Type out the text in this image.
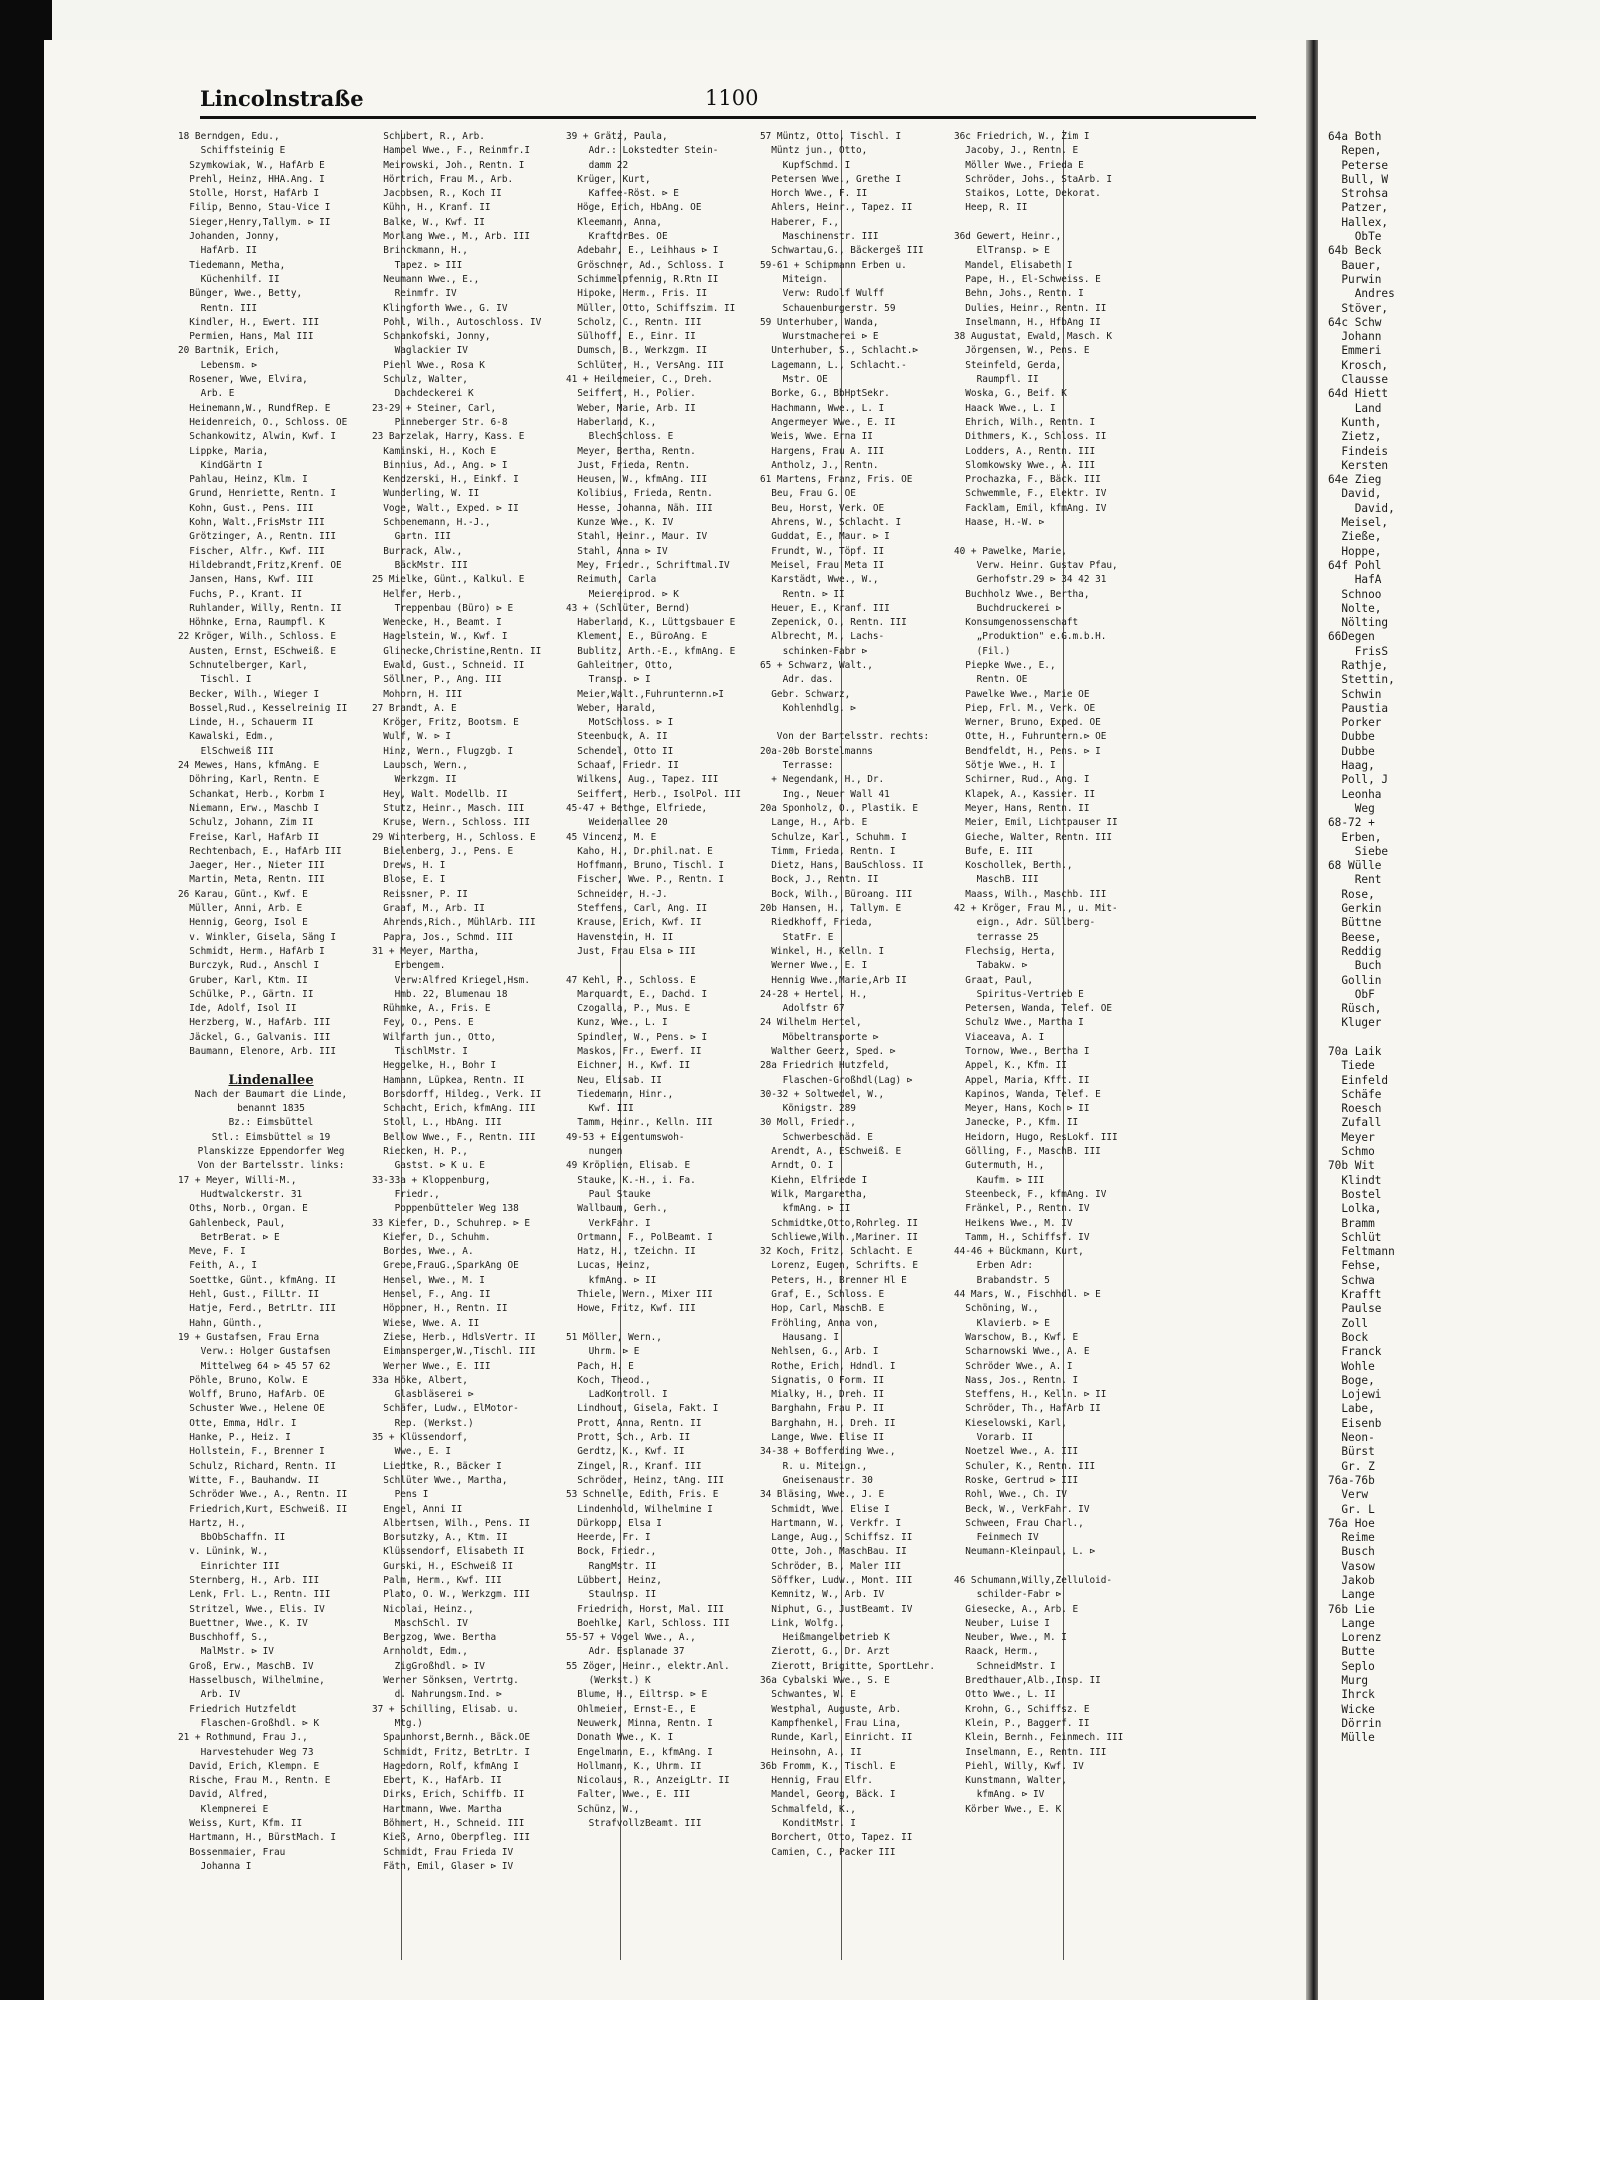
64a Both
Repen,
Peterse
Bull, W
Strohsa
Patzer,
Hallex,
ObTe
64b Beck
Bauer,
Purwin
Andres
Stöver,
64c Schw
Johann
Emmeri
Krosch,
Clausse
64d Hiett
Land
Kunth,
Zietz,
Findeis
Kersten
64e Zieg
David,
David,
Meisel,
Zieße,
Hoppe,
64f Pohl
HafA
Schnoo
Nolte,
Nölting
66Degen
FrisS
Rathje,
Stettin,
Schwin
Paustia
Porker
Dubbe
Dubbe
Haag,
Poll, J
Leonha
Weg
68-72 +
Erben,
Siebe
68 Wülle
Rent
Rose,
Gerkin
Büttne
Beese,
Reddig
Buch
Gollin
ObF
Rüsch,
Kluger
70a Laik
Tiede
Einfeld
Schäfe
Roesch
Zufall
Meyer
Schmo
70b Wit
Klindt
Bostel
Lolka,
Bramm
Schlüt
Feltmann
Fehse,
Schwa
Krafft
Paulse
Zoll
Bock
Franck
Wohle
Boge,
Lojewi
Labe,
Eisenb
Neon-
Bürst
Gr. Z
76a-76b
Verw
Gr. L
76a Hoe
Reime
Busch
Vasow
Jakob
Lange
76b Lie
Lange
Lorenz
Butte
Seplo
Murg
Ihrck
Wicke
Dörrin
Mülle
Lincolnstraße	1100
18 Berndgen, Edu.,
Schiffsteinig E
Szymkowiak, W., HafArb E
Prehl, Heinz, HHA.Ang. I
Stolle, Horst, HafArb I
Filip, Benno, Stau-Vice I
Sieger,Henry,Tallym. ⊳ II
Johanden, Jonny,
HafArb. II
Tiedemann, Metha,
Küchenhilf. II
Bünger, Wwe., Betty,
Rentn. III
Kindler, H., Ewert. III
Permien, Hans, Mal III
20 Bartnik, Erich,
Lebensm. ⊳
Rosener, Wwe, Elvira,
Arb. E
Heinemann,W., RundfRep. E
Heidenreich, O., Schloss. OE
Schankowitz, Alwin, Kwf. I
Lippke, Maria,
KindGärtn I
Pahlau, Heinz, Klm. I
Grund, Henriette, Rentn. I
Kohn, Gust., Pens. III
Kohn, Walt.,FrisMstr III
Grötzinger, A., Rentn. III
Fischer, Alfr., Kwf. III
Hildebrandt,Fritz,Krenf. OE
Jansen, Hans, Kwf. III
Fuchs, P., Krant. II
Ruhlander, Willy, Rentn. II
Höhnke, Erna, Raumpfl. K
22 Kröger, Wilh., Schloss. E
Austen, Ernst, ESchweiß. E
Schnutelberger, Karl,
Tischl. I
Becker, Wilh., Wieger I
Bossel,Rud., Kesselreinig II
Linde, H., Schauerm II
Kawalski, Edm.,
ElSchweiß III
24 Mewes, Hans, kfmAng. E
Döhring, Karl, Rentn. E
Schankat, Herb., Korbm I
Niemann, Erw., Maschb I
Schulz, Johann, Zim II
Freise, Karl, HafArb II
Rechtenbach, E., HafArb III
Jaeger, Her., Nieter III
Martin, Meta, Rentn. III
26 Karau, Günt., Kwf. E
Müller, Anni, Arb. E
Hennig, Georg, Isol E
v. Winkler, Gisela, Säng I
Schmidt, Herm., HafArb I
Burczyk, Rud., Anschl I
Gruber, Karl, Ktm. II
Schülke, P., Gärtn. II
Ide, Adolf, Isol II
Herzberg, W., HafArb. III
Jäckel, G., Galvanis. III
Baumann, Elenore, Arb. III
Lindenallee
Nach der Baumart die Linde,
benannt 1835
Bz.: Eimsbüttel
Stl.: Eimsbüttel ✉ 19
Planskizze Eppendorfer Weg
Von der Bartelsstr. links:
17 + Meyer, Willi-M.,
Hudtwalckerstr. 31
Oths, Norb., Organ. E
Gahlenbeck, Paul,
BetrBerat. ⊳ E
Meve, F. I
Feith, A., I
Soettke, Günt., kfmAng. II
Hehl, Gust., FilLtr. II
Hatje, Ferd., BetrLtr. III
Hahn, Günth.,
19 + Gustafsen, Frau Erna
Verw.: Holger Gustafsen
Mittelweg 64 ⊳ 45 57 62
Pöhle, Bruno, Kolw. E
Wolff, Bruno, HafArb. OE
Schuster Wwe., Helene OE
Otte, Emma, Hdlr. I
Hanke, P., Heiz. I
Hollstein, F., Brenner I
Schulz, Richard, Rentn. II
Witte, F., Bauhandw. II
Schröder Wwe., A., Rentn. II
Friedrich,Kurt, ESchweiß. II
Hartz, H.,
BbObSchaffn. II
v. Lünink, W.,
Einrichter III
Sternberg, H., Arb. III
Lenk, Frl. L., Rentn. III
Stritzel, Wwe., Elis. IV
Buettner, Wwe., K. IV
Buschhoff, S.,
MalMstr. ⊳ IV
Groß, Erw., MaschB. IV
Hasselbusch, Wilhelmine,
Arb. IV
Friedrich Hutzfeldt
Flaschen-Großhdl. ⊳ K
21 + Rothmund, Frau J.,
Harvestehuder Weg 73
David, Erich, Klempn. E
Rische, Frau M., Rentn. E
David, Alfred,
Klempnerei E
Weiss, Kurt, Kfm. II
Hartmann, H., BürstMach. I
Bossenmaier, Frau
Johanna I
Schubert, R., Arb.
Hampel Wwe., F., Reinmfr.I
Meirowski, Joh., Rentn. I
Hörtrich, Frau M., Arb.
Jacobsen, R., Koch II
Kühn, H., Kranf. II
Balke, W., Kwf. II
Morlang Wwe., M., Arb. III
Brinckmann, H.,
Tapez. ⊳ III
Neumann Wwe., E.,
Reinmfr. IV
Klingforth Wwe., G. IV
Pohl, Wilh., Autoschloss. IV
Schankofski, Jonny,
Waglackier IV
Piehl Wwe., Rosa K
Schulz, Walter,
Dachdeckerei K
23-29 + Steiner, Carl,
Pinneberger Str. 6-8
23 Barzelak, Harry, Kass. E
Kaminski, H., Koch E
Binnius, Ad., Ang. ⊳ I
Kendzerski, H., Einkf. I
Wunderling, W. II
Voge, Walt., Exped. ⊳ II
Schoenemann, H.-J.,
Gartn. III
Burrack, Alw.,
BäckMstr. III
25 Mielke, Günt., Kalkul. E
Helfer, Herb.,
Treppenbau (Büro) ⊳ E
Wenecke, H., Beamt. I
Hagelstein, W., Kwf. I
Glinecke,Christine,Rentn. II
Ewald, Gust., Schneid. II
Söllner, P., Ang. III
Mohorn, H. III
27 Brandt, A. E
Kröger, Fritz, Bootsm. E
Wulf, W. ⊳ I
Hinz, Wern., Flugzgb. I
Laubsch, Wern.,
Werkzgm. II
Hey, Walt. Modellb. II
Stutz, Heinr., Masch. III
Kruse, Wern., Schloss. III
29 Winterberg, H., Schloss. E
Bielenberg, J., Pens. E
Drews, H. I
Blose, E. I
Reissner, P. II
Graaf, M., Arb. II
Ahrends,Rich., MühlArb. III
Papra, Jos., Schmd. III
31 + Meyer, Martha,
Erbengem.
Verw:Alfred Kriegel,Hsm.
Hmb. 22, Blumenau 18
Rühmke, A., Fris. E
Fey, O., Pens. E
Wilfarth jun., Otto,
TischlMstr. I
Heggelke, H., Bohr I
Hamann, Lüpkea, Rentn. II
Borsdorff, Hildeg., Verk. II
Schacht, Erich, kfmAng. III
Stoll, L., HbAng. III
Bellow Wwe., F., Rentn. III
Riecken, H. P.,
Gastst. ⊳ K u. E
33-33a + Kloppenburg,
Friedr.,
Poppenbütteler Weg 138
33 Kiefer, D., Schuhrep. ⊳ E
Kiefer, D., Schuhm.
Bordes, Wwe., A.
Grebe,FrauG.,SparkAng OE
Hensel, Wwe., M. I
Hensel, F., Ang. II
Höppner, H., Rentn. II
Wiese, Wwe. A. II
Ziese, Herb., HdlsVertr. II
Eimansperger,W.,Tischl. III
Werner Wwe., E. III
33a Höke, Albert,
Glasbläserei ⊳
Schäfer, Ludw., ElMotor-
Rep. (Werkst.)
35 + Klüssendorf,
Wwe., E. I
Liedtke, R., Bäcker I
Schlüter Wwe., Martha,
Pens I
Engel, Anni II
Albertsen, Wilh., Pens. II
Borsutzky, A., Ktm. II
Klüssendorf, Elisabeth II
Gurski, H., ESchweiß II
Palm, Herm., Kwf. III
Plato, O. W., Werkzgm. III
Nicolai, Heinz.,
MaschSchl. IV
Bergzog, Wwe. Bertha
Arnholdt, Edm.,
ZigGroßhdl. ⊳ IV
Werner Sönksen, Vertrtg.
d. Nahrungsm.Ind. ⊳
37 + Schilling, Elisab. u.
Mtg.)
Spaunhorst,Bernh., Bäck.OE
Schmidt, Fritz, BetrLtr. I
Hagedorn, Rolf, kfmAng I
Ebert, K., HafArb. II
Dirks, Erich, Schiffb. II
Hartmann, Wwe. Martha
Böhmert, H., Schneid. III
Kieß, Arno, Oberpfleg. III
Schmidt, Frau Frieda IV
Fäth, Emil, Glaser ⊳ IV
39 + Grätz, Paula,
Adr.: Lokstedter Stein-
damm 22
Krüger, Kurt,
Kaffee-Röst. ⊳ E
Höge, Erich, HbAng. OE
Kleemann, Anna,
KraftdrBes. OE
Adebahr, E., Leihhaus ⊳ I
Gröschner, Ad., Schloss. I
Schimmelpfennig, R.Rtn II
Hipoke, Herm., Fris. II
Müller, Otto, Schiffszim. II
Scholz, C., Rentn. III
Sülhoff, E., Einr. II
Dumsch, B., Werkzgm. II
Schlüter, H., VersAng. III
41 + Heilemeier, C., Dreh.
Seiffert, H., Polier.
Weber, Marie, Arb. II
Haberland, K.,
BlechSchloss. E
Meyer, Bertha, Rentn.
Just, Frieda, Rentn.
Heusen, W., kfmAng. III
Kolibius, Frieda, Rentn.
Hesse, Johanna, Näh. III
Kunze Wwe., K. IV
Stahl, Heinr., Maur. IV
Stahl, Anna ⊳ IV
Mey, Friedr., Schriftmal.IV
Reimuth, Carla
Meiereiprod. ⊳ K
43 + (Schlüter, Bernd)
Haberland, K., Lüttgsbauer E
Klement, E., BüroAng. E
Bublitz, Arth.-E., kfmAng. E
Gahleitner, Otto,
Transp. ⊳ I
Meier,Walt.,Fuhrunternn.⊳I
Weber, Harald,
MotSchloss. ⊳ I
Steenbuck, A. II
Schendel, Otto II
Schaaf, Friedr. II
Wilkens, Aug., Tapez. III
Seiffert, Herb., IsolPol. III
45-47 + Bethge, Elfriede,
Weidenallee 20
45 Vincenz, M. E
Kaho, H., Dr.phil.nat. E
Hoffmann, Bruno, Tischl. I
Fischer, Wwe. P., Rentn. I
Schneider, H.-J.
Steffens, Carl, Ang. II
Krause, Erich, Kwf. II
Havenstein, H. II
Just, Frau Elsa ⊳ III
47 Kehl, P., Schloss. E
Marquardt, E., Dachd. I
Czogalla, P., Mus. E
Kunz, Wwe., L. I
Spindler, W., Pens. ⊳ I
Maskos, Fr., Ewerf. II
Eichner, H., Kwf. II
Neu, Elisab. II
Tiedemann, Hinr.,
Kwf. III
Tamm, Heinr., Kelln. III
49-53 + Eigentumswoh-
nungen
49 Kröplien, Elisab. E
Stauke, K.-H., i. Fa.
Paul Stauke
Wallbaum, Gerh.,
VerkFahr. I
Ortmann, F., PolBeamt. I
Hatz, H., tZeichn. II
Lucas, Heinz,
kfmAng. ⊳ II
Thiele, Wern., Mixer III
Howe, Fritz, Kwf. III
51 Möller, Wern.,
Uhrm. ⊳ E
Pach, H. E
Koch, Theod.,
LadKontroll. I
Lindhout, Gisela, Fakt. I
Prott, Anna, Rentn. II
Prott, Sch., Arb. II
Gerdtz, K., Kwf. II
Zingel, R., Kranf. III
Schröder, Heinz, tAng. III
53 Schnelle, Edith, Fris. E
Lindenhold, Wilhelmine I
Dürkopp, Elsa I
Heerde, Fr. I
Bock, Friedr.,
RangMstr. II
Lübbert, Heinz,
Staulnsp. II
Friedrich, Horst, Mal. III
Boehlke, Karl, Schloss. III
55-57 + Vogel Wwe., A.,
Adr. Esplanade 37
55 Zöger, Heinr., elektr.Anl.
(Werkst.) K
Blume, H., Eiltrsp. ⊳ E
Ohlmeier, Ernst-E., E
Neuwerk, Minna, Rentn. I
Donath Wwe., K. I
Engelmann, E., kfmAng. I
Hollmann, K., Uhrm. II
Nicolaus, R., AnzeigLtr. II
Falter, Wwe., E. III
Schünz, W.,
StrafvollzBeamt. III
57 Müntz, Otto, Tischl. I
Müntz jun., Otto,
KupfSchmd. I
Petersen Wwe., Grethe I
Horch Wwe., F. II
Ahlers, Heinr., Tapez. II
Haberer, F.,
Maschinenstr. III
Schwartau,G., Bäckergeš III
59-61 + Schipmann Erben u.
Miteign.
Verw: Rudolf Wulff
Schauenburgerstr. 59
59 Unterhuber, Wanda,
Wurstmacherei ⊳ E
Unterhuber, S., Schlacht.⊳
Lagemann, L., Schlacht.-
Mstr. OE
Borke, G., BbHptSekr.
Hachmann, Wwe., L. I
Angermeyer Wwe., E. II
Weis, Wwe. Erna II
Hargens, Frau A. III
Antholz, J., Rentn.
61 Martens, Franz, Fris. OE
Beu, Frau G. OE
Beu, Horst, Verk. OE
Ahrens, W., Schlacht. I
Guddat, E., Maur. ⊳ I
Frundt, W., Töpf. II
Meisel, Frau Meta II
Karstädt, Wwe., W.,
Rentn. ⊳ II
Heuer, E., Kranf. III
Zepenick, O., Rentn. III
Albrecht, M., Lachs-
schinken-Fabr ⊳
65 + Schwarz, Walt.,
Adr. das.
Gebr. Schwarz,
Kohlenhdlg. ⊳
Von der Bartelsstr. rechts:
20a-20b Borstelmanns
Terrasse:
+ Negendank, H., Dr.
Ing., Neuer Wall 41
20a Sponholz, O., Plastik. E
Lange, H., Arb. E
Schulze, Karl, Schuhm. I
Timm, Frieda, Rentn. I
Dietz, Hans, BauSchloss. II
Bock, J., Rentn. II
Bock, Wilh., Büroang. III
20b Hansen, H., Tallym. E
Riedkhoff, Frieda,
StatFr. E
Winkel, H., Kelln. I
Werner Wwe., E. I
Hennig Wwe.,Marie,Arb II
24-28 + Hertel, H.,
Adolfstr 67
24 Wilhelm Hertel,
Möbeltransporte ⊳
Walther Geerz, Sped. ⊳
28a Friedrich Hutzfeld,
Flaschen-Großhdl(Lag) ⊳
30-32 + Soltwedel, W.,
Königstr. 289
30 Moll, Friedr.,
Schwerbeschäd. E
Arendt, A., ESchweiß. E
Arndt, O. I
Kiehn, Elfriede I
Wilk, Margaretha,
kfmAng. ⊳ II
Schmidtke,Otto,Rohrleg. II
Schliewe,Wilh.,Mariner. II
32 Koch, Fritz, Schlacht. E
Lorenz, Eugen, Schrifts. E
Peters, H., Brenner Hl E
Graf, E., Schloss. E
Hop, Carl, MaschB. E
Fröhling, Anna von,
Hausang. I
Nehlsen, G., Arb. I
Rothe, Erich, Hdndl. I
Signatis, O Form. II
Mialky, H., Dreh. II
Barghahn, Frau P. II
Barghahn, H., Dreh. II
Lange, Wwe. Elise II
34-38 + Bofferding Wwe.,
R. u. Miteign.,
Gneisenaustr. 30
34 Bläsing, Wwe., J. E
Schmidt, Wwe. Elise I
Hartmann, W., Verkfr. I
Lange, Aug., Schiffsz. II
Otte, Joh., MaschBau. II
Schröder, B., Maler III
Söffker, Ludw., Mont. III
Kemnitz, W., Arb. IV
Niphut, G., JustBeamt. IV
Link, Wolfg.,
Heißmangelbetrieb K
Zierott, G., Dr. Arzt
Zierott, Brigitte, SportLehr.
36a Cybalski Wwe., S. E
Schwantes, W. E
Westphal, Auguste, Arb.
Kampfhenkel, Frau Lina,
Runde, Karl, Einricht. II
Heinsohn, A., II
36b Fromm, K., Tischl. E
Hennig, Frau Elfr.
Mandel, Georg, Bäck. I
Schmalfeld, K.,
KonditMstr. I
Borchert, Otto, Tapez. II
Camien, C., Packer III
36c Friedrich, W., Zim I
Jacoby, J., Rentn. E
Möller Wwe., Frieda E
Schröder, Johs., StaArb. I
Staikos, Lotte, Dekorat.
Heep, R. II
36d Gewert, Heinr.,
ElTransp. ⊳ E
Mandel, Elisabeth I
Pape, H., El-Schweiss. E
Behn, Johs., Rentn. I
Dulies, Heinr., Rentn. II
Inselmann, H., HfbAng II
38 Augustat, Ewald, Masch. K
Jörgensen, W., Pens. E
Steinfeld, Gerda,
Raumpfl. II
Woska, G., Beif. K
Haack Wwe., L. I
Ehrich, Wilh., Rentn. I
Dithmers, K., Schloss. II
Lodders, A., Rentn. III
Slomkowsky Wwe., A. III
Prochazka, F., Bäck. III
Schwemmle, F., Elektr. IV
Facklam, Emil, kfmAng. IV
Haase, H.-W. ⊳
40 + Pawelke, Marie,
Verw. Heinr. Gustav Pfau,
Gerhofstr.29 ⊳ 34 42 31
Buchholz Wwe., Bertha,
Buchdruckerei ⊳
Konsumgenossenschaft
„Produktion" e.G.m.b.H.
(Fil.)
Piepke Wwe., E.,
Rentn. OE
Pawelke Wwe., Marie OE
Piep, Frl. M., Verk. OE
Werner, Bruno, Exped. OE
Otte, H., Fuhruntern.⊳ OE
Bendfeldt, H., Pens. ⊳ I
Sötje Wwe., H. I
Schirner, Rud., Ang. I
Klapek, A., Kassier. II
Meyer, Hans, Rentn. II
Meier, Emil, Lichtpauser II
Gieche, Walter, Rentn. III
Bufe, E. III
Koschollek, Berth.,
MaschB. III
Maass, Wilh., Maschb. III
42 + Kröger, Frau M., u. Mit-
eign., Adr. Süllberg-
terrasse 25
Flechsig, Herta,
Tabakw. ⊳
Graat, Paul,
Spiritus-Vertrieb E
Petersen, Wanda, Telef. OE
Schulz Wwe., Martha I
Viaceava, A. I
Tornow, Wwe., Bertha I
Appel, K., Kfm. II
Appel, Maria, Kfft. II
Kapinos, Wanda, Telef. E
Meyer, Hans, Koch ⊳ II
Janecke, P., Kfm. II
Heidorn, Hugo, ResLokf. III
Gölling, F., MaschB. III
Gutermuth, H.,
Kaufm. ⊳ III
Steenbeck, F., kfmAng. IV
Fränkel, P., Rentn. IV
Heikens Wwe., M. IV
Tamm, H., Schiffsf. IV
44-46 + Bückmann, Kurt,
Erben Adr:
Brabandstr. 5
44 Mars, W., Fischhdl. ⊳ E
Schöning, W.,
Klavierb. ⊳ E
Warschow, B., Kwf. E
Scharnowski Wwe., A. E
Schröder Wwe., A. I
Nass, Jos., Rentn. I
Steffens, H., Kelln. ⊳ II
Schröder, Th., HafArb II
Kieselowski, Karl,
Vorarb. II
Noetzel Wwe., A. III
Schuler, K., Rentn. III
Roske, Gertrud ⊳ III
Rohl, Wwe., Ch. IV
Beck, W., VerkFahr. IV
Schween, Frau Charl.,
Feinmech IV
Neumann-Kleinpaul, L. ⊳
46 Schumann,Willy,Zelluloid-
schilder-Fabr ⊳
Giesecke, A., Arb. E
Neuber, Luise I
Neuber, Wwe., M. I
Raack, Herm.,
SchneidMstr. I
Bredthauer,Alb.,Insp. II
Otto Wwe., L. II
Krohn, G., Schiffsz. E
Klein, P., Baggerf. II
Klein, Bernh., Feinmech. III
Inselmann, E., Rentn. III
Piehl, Willy, Kwf. IV
Kunstmann, Walter,
kfmAng. ⊳ IV
Körber Wwe., E. K
